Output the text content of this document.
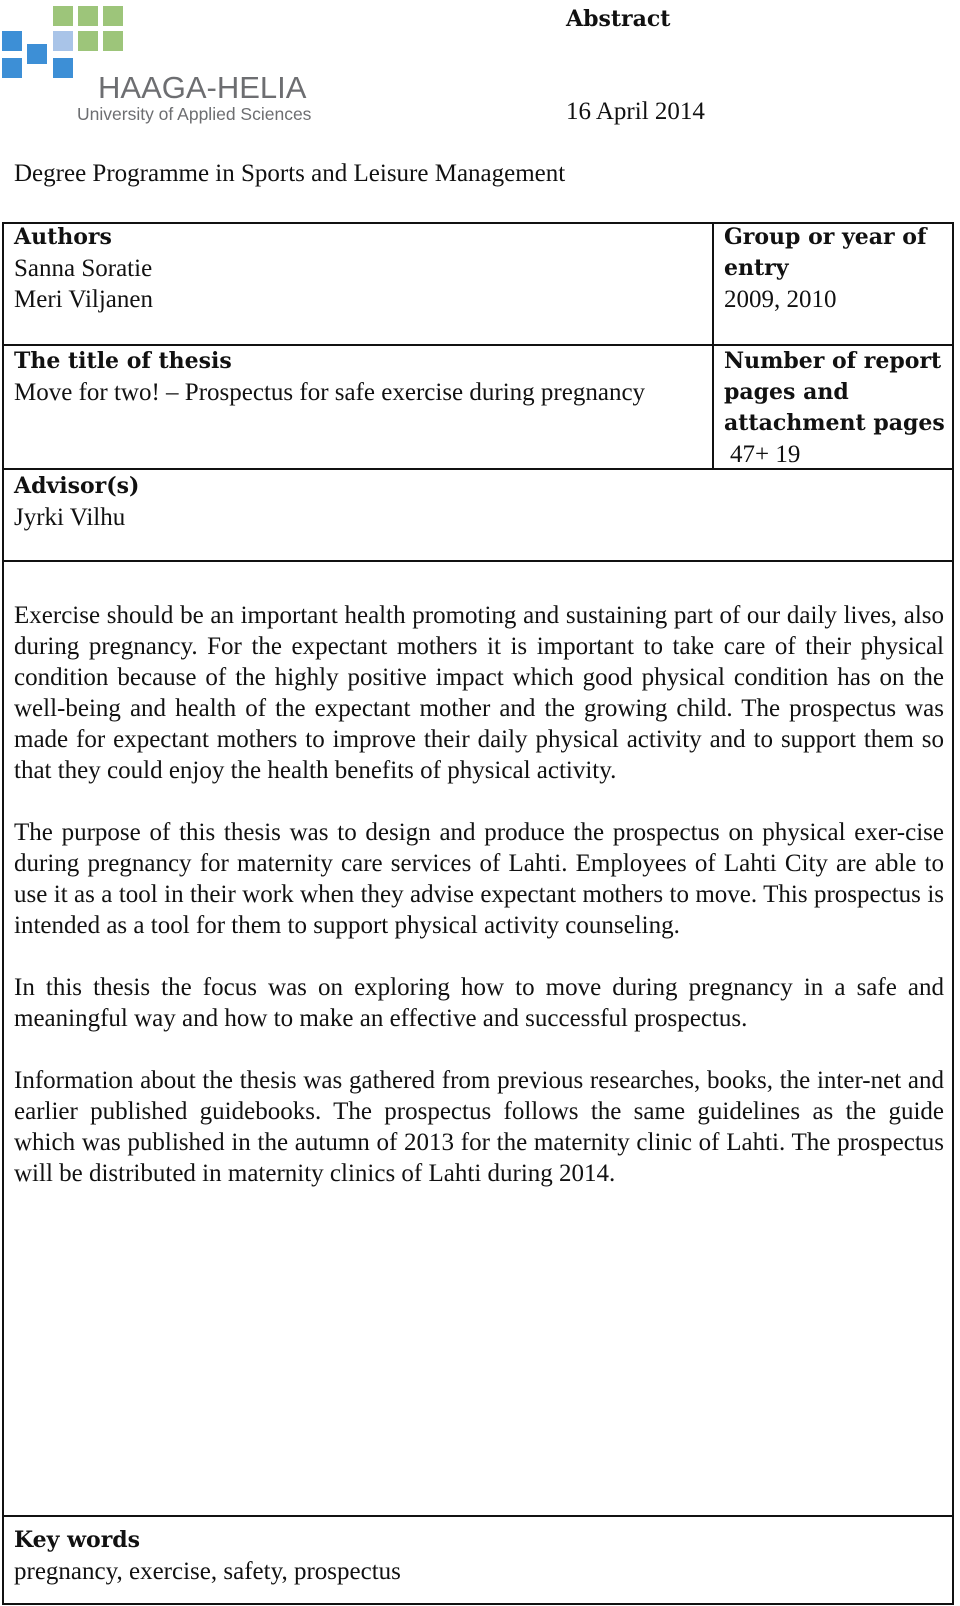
HAAGA-HELIA
University of Applied Sciences
Abstract
16 April 2014
Degree Programme in Sports and Leisure Management
Authors
Sanna Soratie
Meri Viljanen
Group or year of
entry
2009, 2010
The title of thesis
Move for two! – Prospectus for safe exercise during pregnancy
Number of report
pages and
attachment pages
47+ 19
Advisor(s)
Jyrki Vilhu

Exercise should be an important health promoting and sustaining part of our daily lives, also during pregnancy. For the expectant mothers it is important to take care of their physical condition because of the highly positive impact which good physical condition has on the well-being and health of the expectant mother and the growing child. The prospectus was made for expectant mothers to improve their daily physical activity and to support them so that they could enjoy the health benefits of physical activity.

The purpose of this thesis was to design and produce the prospectus on physical exer-cise during pregnancy for maternity care services of Lahti. Employees of Lahti City are able to use it as a tool in their work when they advise expectant mothers to move. This prospectus is intended as a tool for them to support physical activity counseling.

In this thesis the focus was on exploring how to move during pregnancy in a safe and meaningful way and how to make an effective and successful prospectus.

Information about the thesis was gathered from previous researches, books, the inter-net and earlier published guidebooks. The prospectus follows the same guidelines as the guide which was published in the autumn of 2013 for the maternity clinic of Lahti. The prospectus will be distributed in maternity clinics of Lahti during 2014.

Key words
pregnancy, exercise, safety, prospectus
